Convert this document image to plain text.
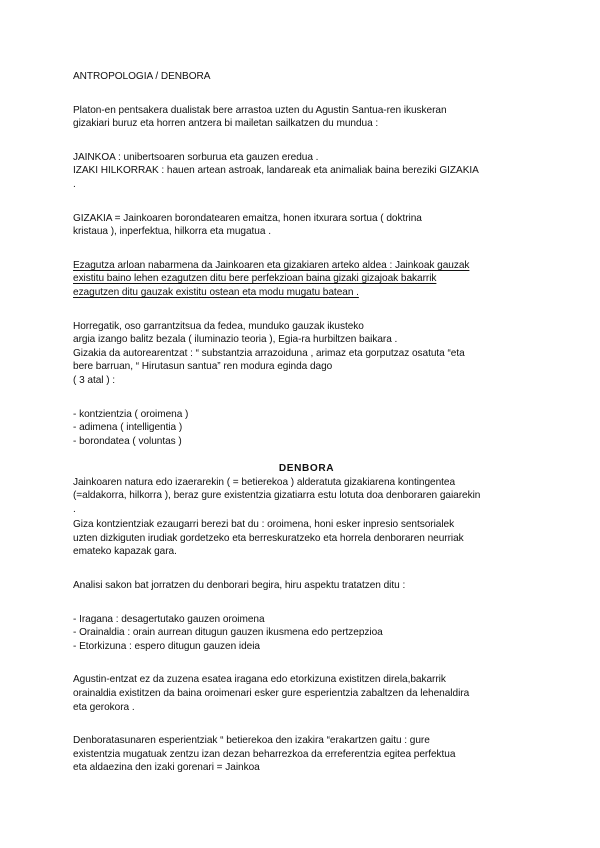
ANTROPOLOGIA / DENBORA
Platon-en pentsakera dualistak bere arrastoa uzten du Agustin Santua-ren ikuskeran
gizakiari buruz eta horren antzera bi mailetan sailkatzen du mundua :
JAINKOA : unibertsoaren sorburua eta gauzen eredua .
IZAKI HILKORRAK : hauen artean astroak, landareak eta animaliak baina bereziki GIZAKIA
.
GIZAKIA = Jainkoaren borondatearen emaitza, honen itxurara sortua ( doktrina
kristaua ), inperfektua, hilkorra eta mugatua .
Ezagutza arloan nabarmena da Jainkoaren eta gizakiaren arteko aldea : Jainkoak gauzak
existitu baino lehen ezagutzen ditu bere perfekzioan baina gizaki gizajoak bakarrik
ezagutzen ditu gauzak existitu ostean eta modu mugatu batean .
Horregatik, oso garrantzitsua da fedea, munduko gauzak ikusteko
argia izango balitz bezala ( iluminazio teoria ), Egia-ra hurbiltzen baikara .
Gizakia da autorearentzat : “ substantzia arrazoiduna , arimaz eta gorputzaz osatuta “eta
bere barruan, “ Hirutasun santua” ren modura eginda dago
( 3 atal ) :
- kontzientzia ( oroimena )
- adimena ( intelligentia )
- borondatea ( voluntas )
DENBORA
Jainkoaren natura edo izaerarekin ( = betierekoa ) alderatuta gizakiarena kontingentea
(=aldakorra, hilkorra ), beraz gure existentzia gizatiarra estu lotuta doa denboraren gaiarekin
.
Giza kontzientziak ezaugarri berezi bat du : oroimena, honi esker inpresio sentsorialek
uzten dizkiguten irudiak gordetzeko eta berreskuratzeko eta horrela denboraren neurriak
emateko kapazak gara.
Analisi sakon bat jorratzen du denborari begira, hiru aspektu tratatzen ditu :
- Iragana : desagertutako gauzen oroimena
- Orainaldia : orain aurrean ditugun gauzen ikusmena edo pertzepzioa
- Etorkizuna : espero ditugun gauzen ideia
Agustin-entzat ez da zuzena esatea iragana edo etorkizuna existitzen direla,bakarrik
orainaldia existitzen da baina oroimenari esker gure esperientzia zabaltzen da lehenaldira
eta gerokora .
Denboratasunaren esperientziak “ betierekoa den izakira “erakartzen gaitu : gure
existentzia mugatuak zentzu izan dezan beharrezkoa da erreferentzia egitea perfektua
eta aldaezina den izaki gorenari = Jainkoa
